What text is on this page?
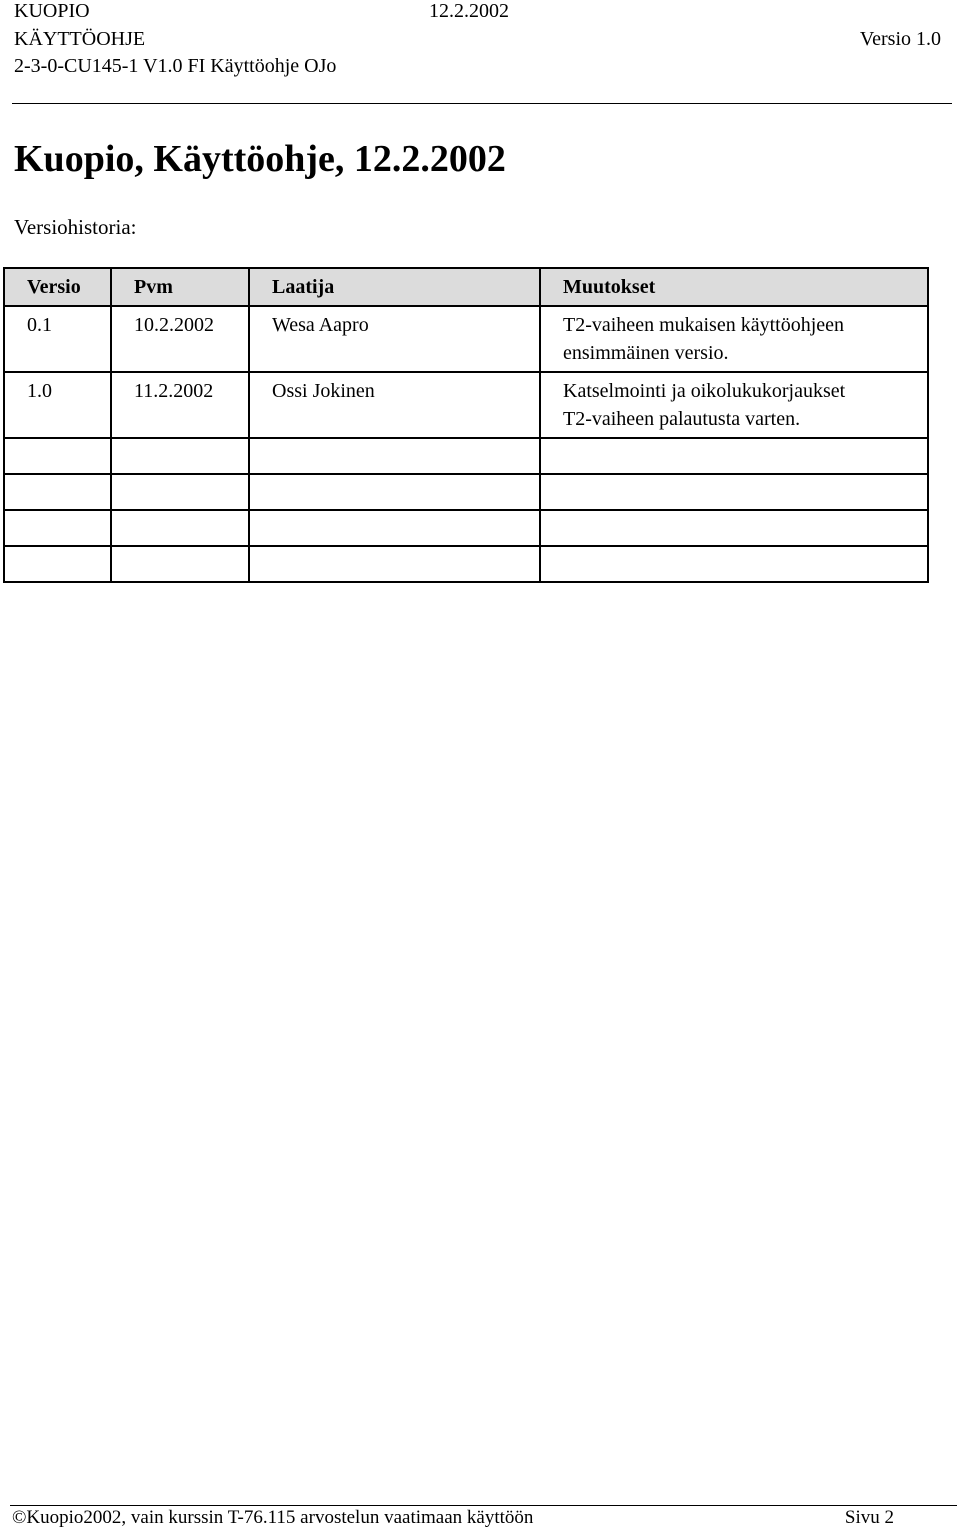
KUOPIO	12.2.2002
KÄYTTÖOHJE	Versio 1.0
2-3-0-CU145-1 V1.0 FI Käyttöohje OJo
Kuopio, Käyttöohje, 12.2.2002
Versiohistoria:
Versio	Pvm	Laatija	Muutokset
0.1	10.2.2002	Wesa Aapro	T2-vaiheen mukaisen käyttöohjeen
ensimmäinen versio.

1.0	11.2.2002	Ossi Jokinen	Katselmointi ja oikolukukorjaukset
T2-vaiheen palautusta varten.

©Kuopio2002, vain kurssin T-76.115 arvostelun vaatimaan käyttöön	Sivu 2
